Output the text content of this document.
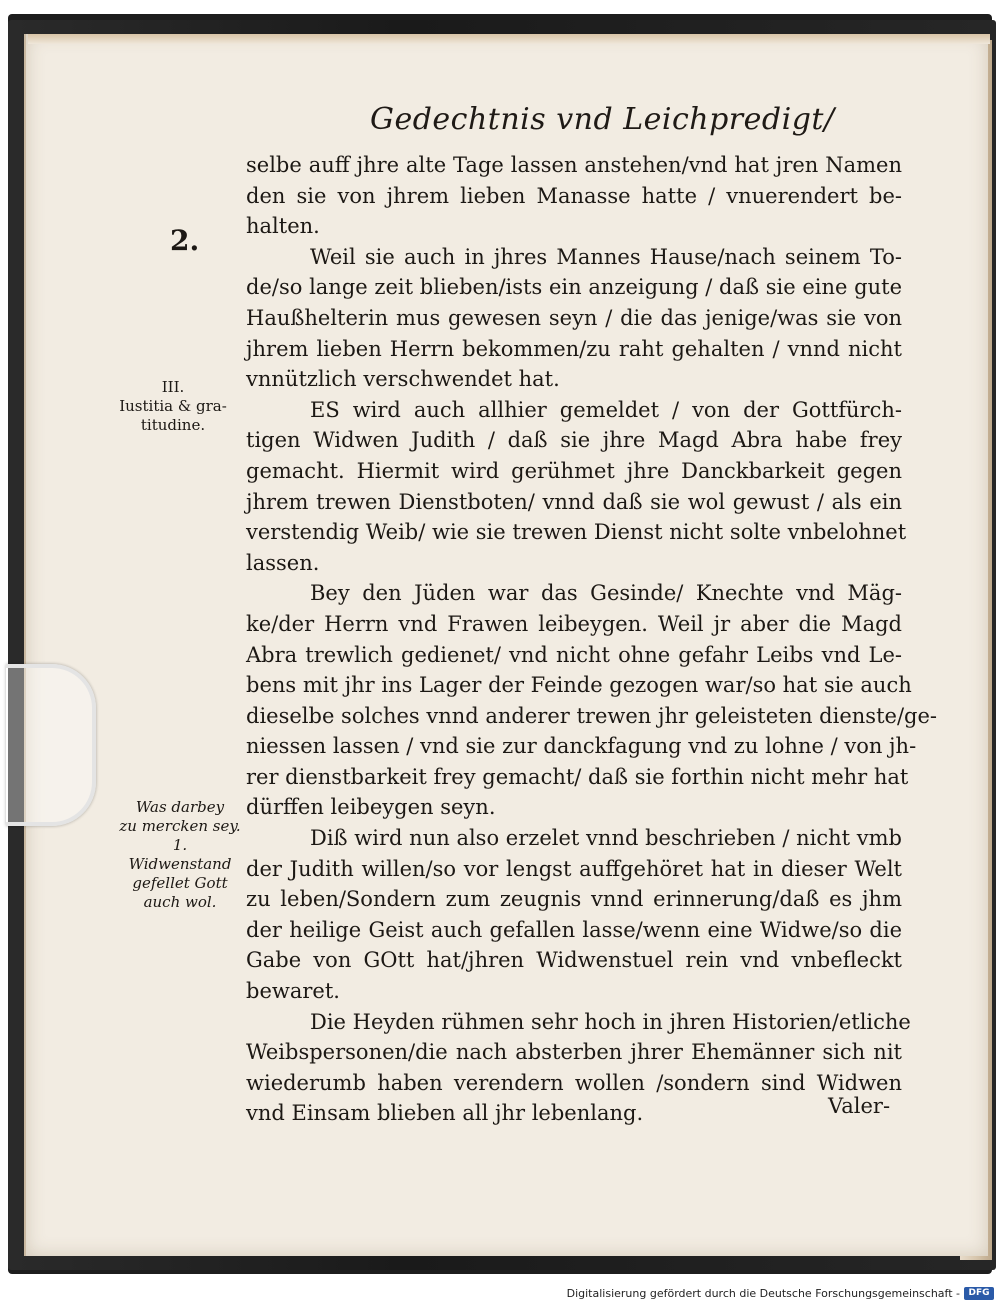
Gedechtnis vnd Leichpredigt/
selbe auff jhre alte Tage lassen anstehen/vnd hat jren Namen
den sie von jhrem lieben Manasse hatte / vnuerendert be-
halten.
Weil sie auch in jhres Mannes Hause/nach seinem To-
de/so lange zeit blieben/ists ein anzeigung / daß sie eine gute
Haußhelterin mus gewesen seyn / die das jenige/was sie von
jhrem lieben Herrn bekommen/zu raht gehalten / vnnd nicht
vnnützlich verschwendet hat.
ES wird auch allhier gemeldet / von der Gottfürch-
tigen Widwen Judith / daß sie jhre Magd Abra habe frey
gemacht. Hiermit wird gerühmet jhre Danckbarkeit gegen
jhrem trewen Dienstboten/ vnnd daß sie wol gewust / als ein
verstendig Weib/ wie sie trewen Dienst nicht solte vnbelohnet
lassen.
Bey den Jüden war das Gesinde/ Knechte vnd Mäg-
ke/der Herrn vnd Frawen leibeygen. Weil jr aber die Magd
Abra trewlich gedienet/ vnd nicht ohne gefahr Leibs vnd Le-
bens mit jhr ins Lager der Feinde gezogen war/so hat sie auch
dieselbe solches vnnd anderer trewen jhr geleisteten dienste/ge-
niessen lassen / vnd sie zur danckfagung vnd zu lohne / von jh-
rer dienstbarkeit frey gemacht/ daß sie forthin nicht mehr hat
dürffen leibeygen seyn.
Diß wird nun also erzelet vnnd beschrieben / nicht vmb
der Judith willen/so vor lengst auffgehöret hat in dieser Welt
zu leben/Sondern zum zeugnis vnnd erinnerung/daß es jhm
der heilige Geist auch gefallen lasse/wenn eine Widwe/so die
Gabe von GOtt hat/jhren Widwenstuel rein vnd vnbefleckt
bewaret.
Die Heyden rühmen sehr hoch in jhren Historien/etliche
Weibspersonen/die nach absterben jhrer Ehemänner sich nit
wiederumb haben verendern wollen /sondern sind Widwen
vnd Einsam blieben all jhr lebenlang.
2.
III.
Iustitia & gra-
titudine.
Was darbey
zu mercken sey.
1.
Widwenstand
gefellet Gott
auch wol.
Valer-
Digitalisierung gefördert durch die Deutsche Forschungsgemeinschaft - DFG
